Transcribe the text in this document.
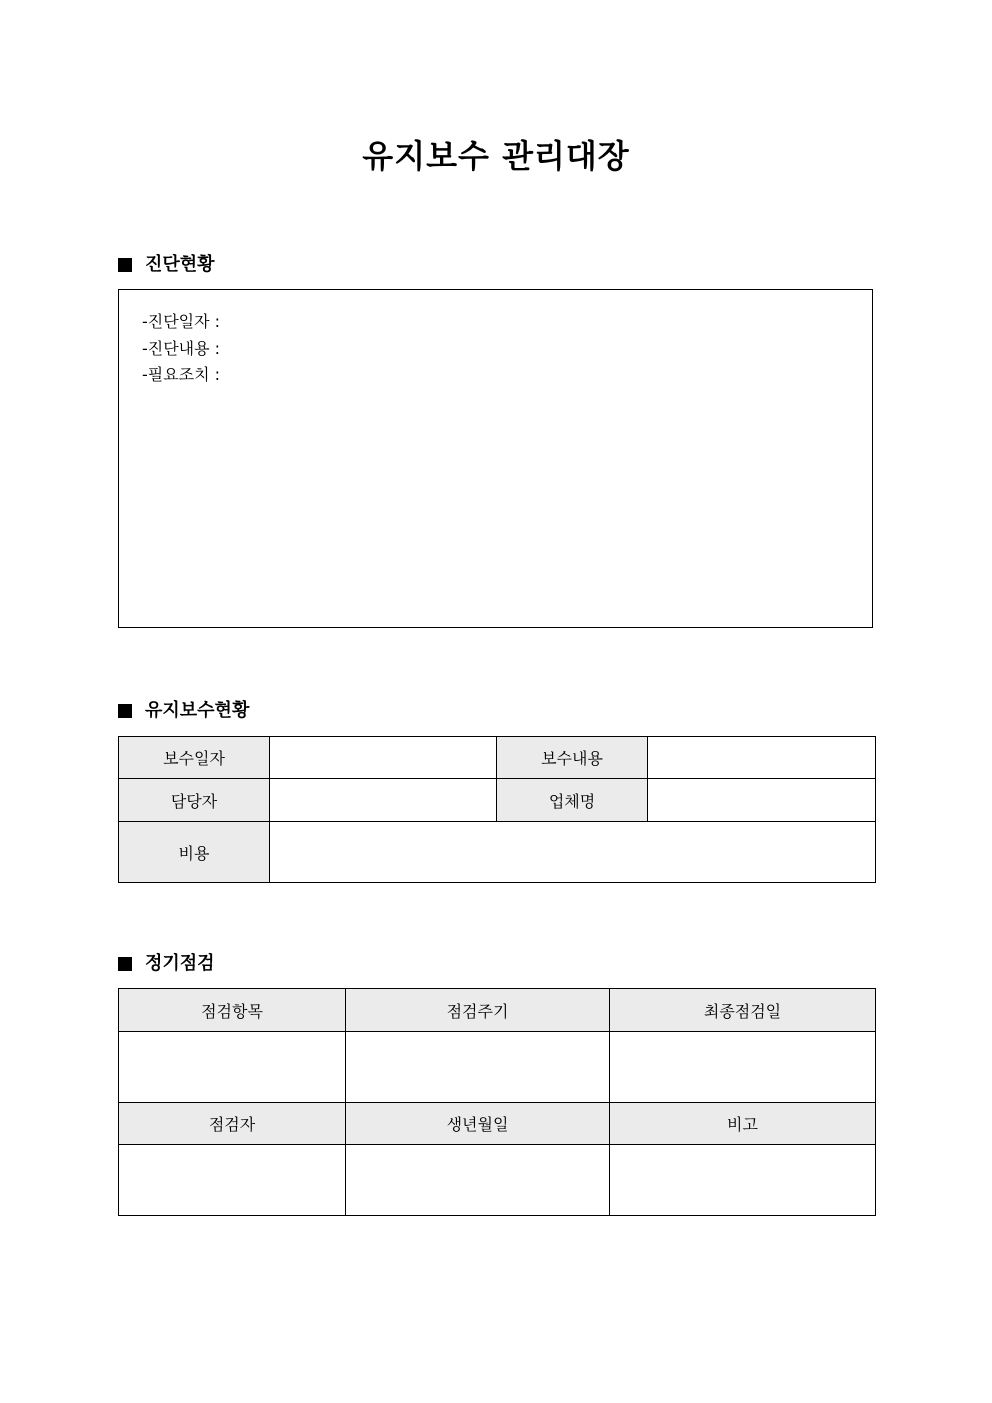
유지보수 관리대장
진단현황
-진단일자 :
-진단내용 :
-필요조치 :
유지보수현황
보수일자		보수내용	
담당자		업체명	
비용			
정기점검
점검항목	점검주기	최종점검일

점검자	생년월일	비고
